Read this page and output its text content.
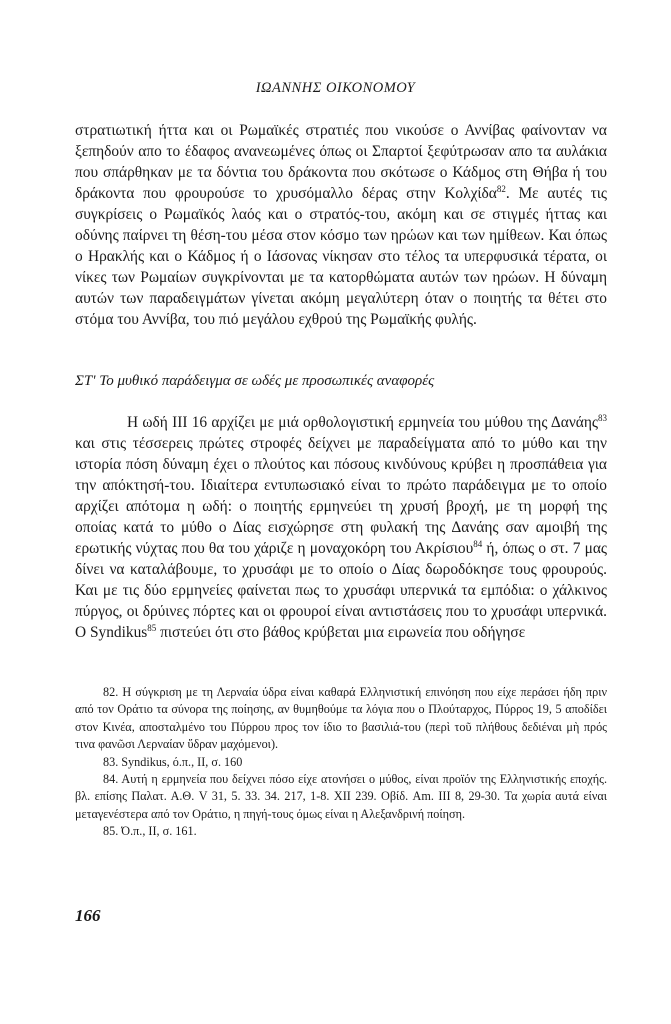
ΙΩΑΝΝΗΣ ΟΙΚΟΝΟΜΟΥ
στρατιωτική ήττα και οι Ρωμαϊκές στρατιές που νικούσε ο Αννίβας φαίνονταν να ξεπηδούν απο το έδαφος ανανεωμένες όπως οι Σπαρτοί ξεφύτρωσαν απο τα αυλάκια που σπάρθηκαν με τα δόντια του δράκοντα που σκότωσε ο Κάδμος στη Θήβα ή του δράκοντα που φρουρούσε το χρυσόμαλλο δέρας στην Κολχίδα$^{82}$. Με αυτές τις συγκρίσεις ο Ρωμαϊκός λαός και ο στρατός-του, ακόμη και σε στιγμές ήττας και οδύνης παίρνει τη θέση-του μέσα στον κόσμο των ηρώων και των ημίθεων. Και όπως ο Ηρακλής και ο Κάδμος ή ο Ιάσονας νίκησαν στο τέλος τα υπερφυσικά τέρατα, οι νίκες των Ρωμαίων συγκρίνονται με τα κατορθώματα αυτών των ηρώων. Η δύναμη αυτών των παραδειγμάτων γίνεται ακόμη μεγαλύτερη όταν ο ποιητής τα θέτει στο στόμα του Αννίβα, του πιό μεγάλου εχθρού της Ρωμαϊκής φυλής.
ΣΤ' Το μυθικό παράδειγμα σε ωδές με προσωπικές αναφορές
Η ωδή ΙΙΙ 16 αρχίζει με μιά ορθολογιστική ερμηνεία του μύθου της Δανάης$^{83}$ και στις τέσσερεις πρώτες στροφές δείχνει με παραδείγματα από το μύθο και την ιστορία πόση δύναμη έχει ο πλούτος και πόσους κινδύνους κρύβει η προσπάθεια για την απόκτησή-του. Ιδιαίτερα εντυπωσιακό είναι το πρώτο παράδειγμα με το οποίο αρχίζει απότομα η ωδή: ο ποιητής ερμηνεύει τη χρυσή βροχή, με τη μορφή της οποίας κατά το μύθο ο Δίας εισχώρησε στη φυλακή της Δανάης σαν αμοιβή της ερωτικής νύχτας που θα του χάριζε η μοναχοκόρη του Ακρίσιου$^{84}$ ή, όπως ο στ. 7 μας δίνει να καταλάβουμε, το χρυσάφι με το οποίο ο Δίας δωροδόκησε τους φρουρούς. Και με τις δύο ερμηνείες φαίνεται πως το χρυσάφι υπερνικά τα εμπόδια: ο χάλκινος πύργος, οι δρύινες πόρτες και οι φρουροί είναι αντιστάσεις που το χρυσάφι υπερνικά. Ο Syndikus$^{85}$ πιστεύει ότι στο βάθος κρύβεται μια ειρωνεία που οδήγησε

82. Η σύγκριση με τη Λερναία ύδρα είναι καθαρά Ελληνιστική επινόηση που είχε περάσει ήδη πριν από τον Οράτιο τα σύνορα της ποίησης, αν θυμηθούμε τα λόγια που ο Πλούταρχος, Πύρρος 19, 5 αποδίδει στον Κινέα, αποσταλμένο του Πύρρου προς τον ίδιο το βασιλιά-του (περὶ τοῦ πλήθους δεδιέναι μὴ πρός τινα φανῶσι Λερναίαν ὕδραν μαχόμενοι).

83. Syndikus, ό.π., ΙΙ, σ. 160

84. Αυτή η ερμηνεία που δείχνει πόσο είχε ατονήσει ο μύθος, είναι προϊόν της Ελληνιστικής εποχής. βλ. επίσης Παλατ. Α.Θ. V 31, 5. 33. 34. 217, 1-8. XII 239. Οβίδ. Am. III 8, 29-30. Τα χωρία αυτά είναι μεταγενέστερα από τον Οράτιο, η πηγή-τους όμως είναι η Αλεξανδρινή ποίηση.

85. Ό.π., ΙΙ, σ. 161.

166
